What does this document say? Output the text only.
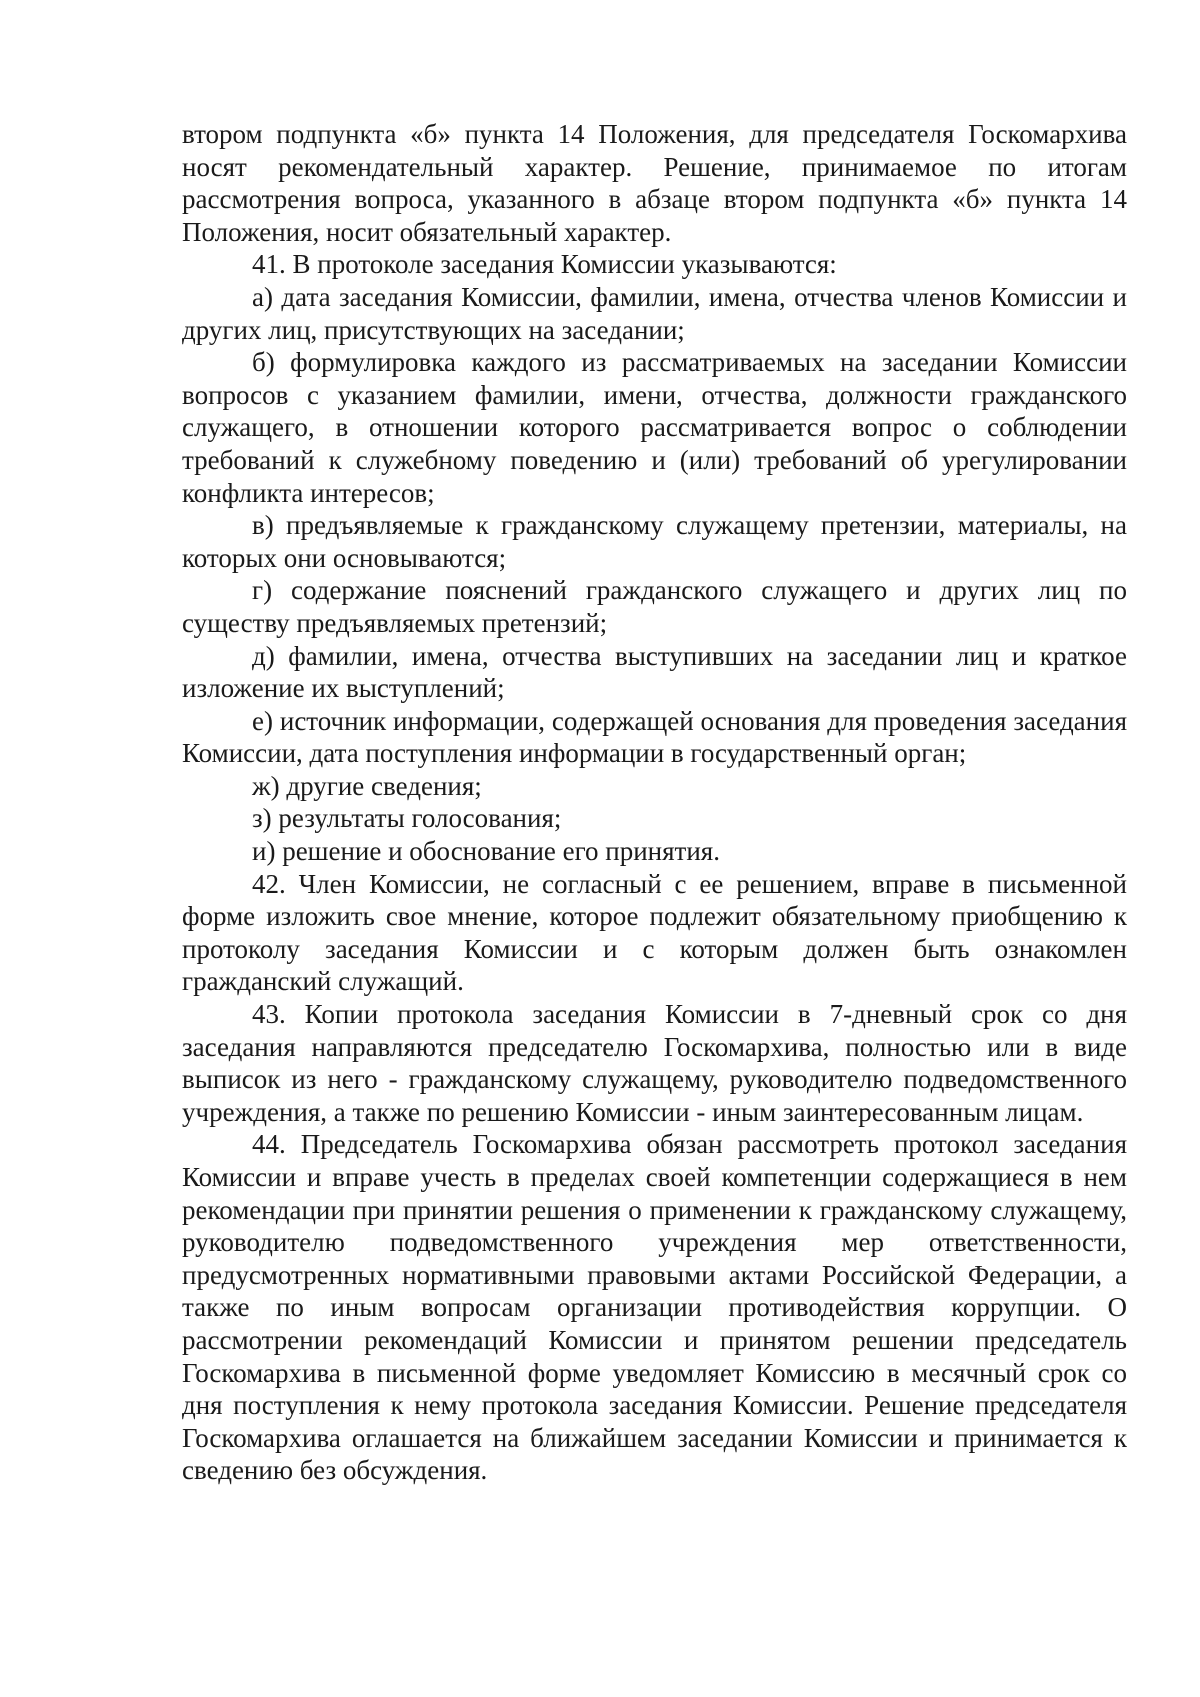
втором подпункта «б» пункта 14 Положения, для председателя Госкомархива носят рекомендательный характер. Решение, принимаемое по итогам рассмотрения вопроса, указанного в абзаце втором подпункта «б» пункта 14 Положения, носит обязательный характер.

41. В протоколе заседания Комиссии указываются:

а) дата заседания Комиссии, фамилии, имена, отчества членов Комиссии и других лиц, присутствующих на заседании;

б) формулировка каждого из рассматриваемых на заседании Комиссии вопросов с указанием фамилии, имени, отчества, должности гражданского служащего, в отношении которого рассматривается вопрос о соблюдении требований к служебному поведению и (или) требований об урегулировании конфликта интересов;

в) предъявляемые к гражданскому служащему претензии, материалы, на которых они основываются;

г) содержание пояснений гражданского служащего и других лиц по существу предъявляемых претензий;

д) фамилии, имена, отчества выступивших на заседании лиц и краткое изложение их выступлений;

е) источник информации, содержащей основания для проведения заседания Комиссии, дата поступления информации в государственный орган;

ж) другие сведения;

з) результаты голосования;

и) решение и обоснование его принятия.

42. Член Комиссии, не согласный с ее решением, вправе в письменной форме изложить свое мнение, которое подлежит обязательному приобщению к протоколу заседания Комиссии и с которым должен быть ознакомлен гражданский служащий.

43. Копии протокола заседания Комиссии в 7-дневный срок со дня заседания направляются председателю Госкомархива, полностью или в виде выписок из него - гражданскому служащему, руководителю подведомственного учреждения, а также по решению Комиссии - иным заинтересованным лицам.

44. Председатель Госкомархива обязан рассмотреть протокол заседания Комиссии и вправе учесть в пределах своей компетенции содержащиеся в нем рекомендации при принятии решения о применении к гражданскому служащему, руководителю подведомственного учреждения мер ответственности, предусмотренных нормативными правовыми актами Российской Федерации, а также по иным вопросам организации противодействия коррупции. О рассмотрении рекомендаций Комиссии и принятом решении председатель Госкомархива в письменной форме уведомляет Комиссию в месячный срок со дня поступления к нему протокола заседания Комиссии. Решение председателя Госкомархива оглашается на ближайшем заседании Комиссии и принимается к сведению без обсуждения.
